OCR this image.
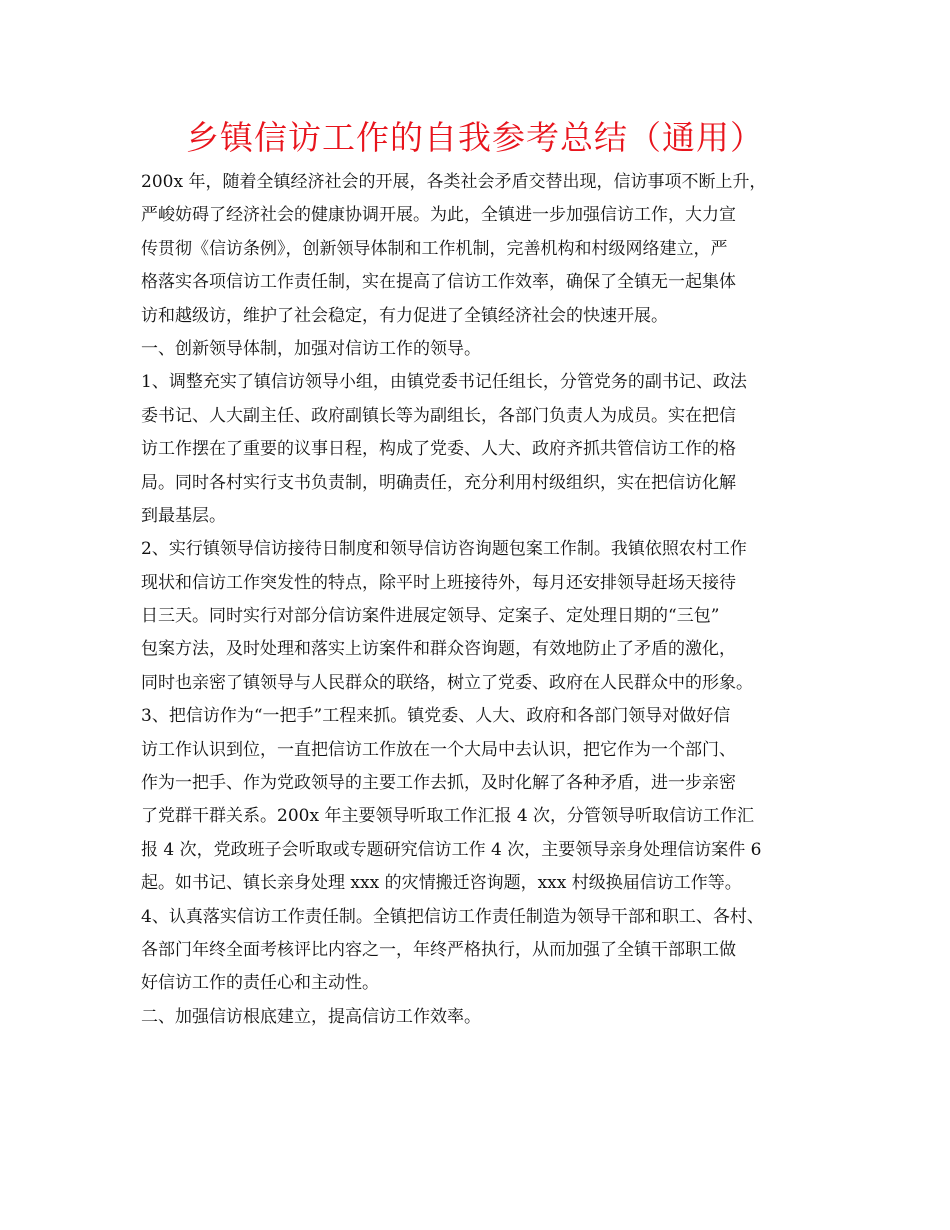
乡镇信访工作的自我参考总结（通用）
200x 年，随着全镇经济社会的开展，各类社会矛盾交替出现，信访事项不断上升，
严峻妨碍了经济社会的健康协调开展。为此，全镇进一步加强信访工作，大力宣
传贯彻《信访条例》，创新领导体制和工作机制，完善机构和村级网络建立，严
格落实各项信访工作责任制，实在提高了信访工作效率，确保了全镇无一起集体
访和越级访，维护了社会稳定，有力促进了全镇经济社会的快速开展。
一、创新领导体制，加强对信访工作的领导。
1、调整充实了镇信访领导小组，由镇党委书记任组长，分管党务的副书记、政法
委书记、人大副主任、政府副镇长等为副组长，各部门负责人为成员。实在把信
访工作摆在了重要的议事日程，构成了党委、人大、政府齐抓共管信访工作的格
局。同时各村实行支书负责制，明确责任，充分利用村级组织，实在把信访化解
到最基层。
2、实行镇领导信访接待日制度和领导信访咨询题包案工作制。我镇依照农村工作
现状和信访工作突发性的特点，除平时上班接待外，每月还安排领导赶场天接待
日三天。同时实行对部分信访案件进展定领导、定案子、定处理日期的“三包”
包案方法，及时处理和落实上访案件和群众咨询题，有效地防止了矛盾的激化，
同时也亲密了镇领导与人民群众的联络，树立了党委、政府在人民群众中的形象。
3、把信访作为“一把手”工程来抓。镇党委、人大、政府和各部门领导对做好信
访工作认识到位，一直把信访工作放在一个大局中去认识，把它作为一个部门、
作为一把手、作为党政领导的主要工作去抓，及时化解了各种矛盾，进一步亲密
了党群干群关系。200x 年主要领导听取工作汇报 4 次，分管领导听取信访工作汇
报 4 次，党政班子会听取或专题研究信访工作 4 次，主要领导亲身处理信访案件 6
起。如书记、镇长亲身处理 xxx 的灾情搬迁咨询题，xxx 村级换届信访工作等。
4、认真落实信访工作责任制。全镇把信访工作责任制造为领导干部和职工、各村、
各部门年终全面考核评比内容之一，年终严格执行，从而加强了全镇干部职工做
好信访工作的责任心和主动性。
二、加强信访根底建立，提高信访工作效率。
